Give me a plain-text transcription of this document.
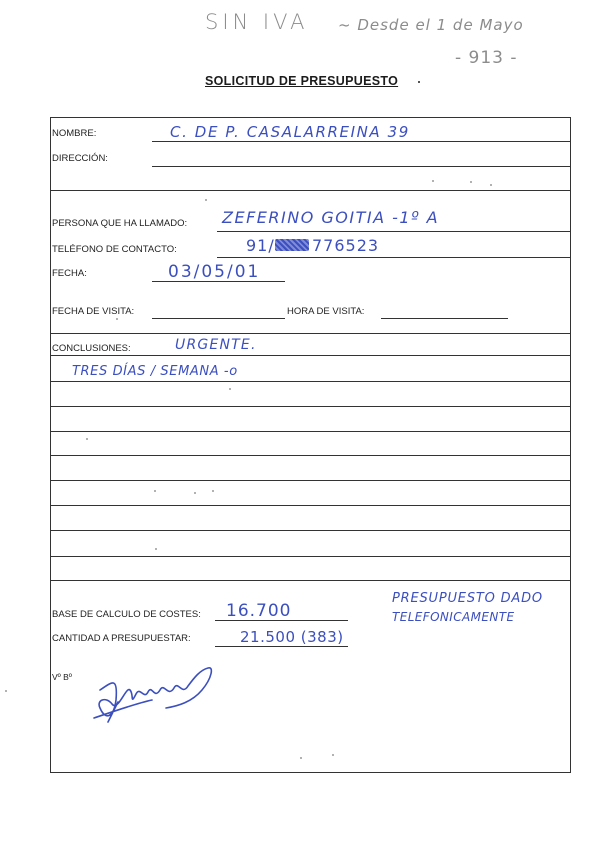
SIN IVA ~ Desde el 1 de Mayo
- 913 -
SOLICITUD DE PRESUPUESTO
NOMBRE:	C. DE P. CASALARREINA 39
DIRECCIÓN:
PERSONA QUE HA LLAMADO: ZEFERINO GOITIA -1º A
TELÉFONO DE CONTACTO:	91/ 776523
FECHA:	03/05/01
FECHA DE VISITA:	HORA DE VISITA:
CONCLUSIONES:	URGENTE.
TRES DÍAS / SEMANA -o
BASE DE CALCULO DE COSTES: 16.700
CANTIDAD A PRESUPUESTAR:	21.500 (383)
PRESUPUESTO DADO
TELEFONICAMENTE
Vº Bº
